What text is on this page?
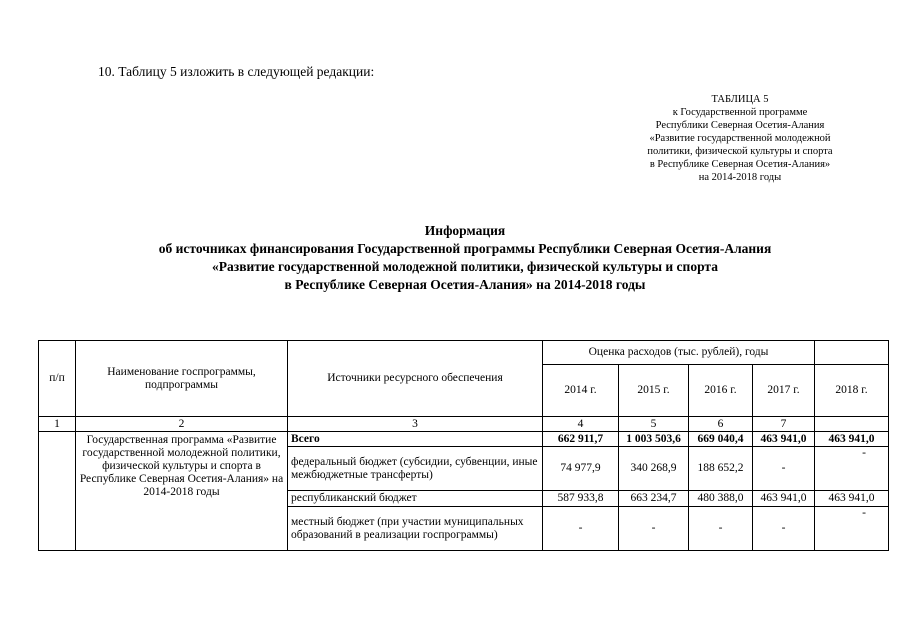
10. Таблицу 5 изложить в следующей редакции:
ТАБЛИЦА 5
к Государственной программе
Республики Северная Осетия-Алания
«Развитие государственной молодежной
политики, физической культуры и спорта
в Республике Северная Осетия-Алания»
на 2014-2018 годы
Информация
об источниках финансирования Государственной программы Республики Северная Осетия-Алания
«Развитие государственной молодежной политики, физической культуры и спорта
в Республике Северная Осетия-Алания» на 2014-2018 годы
п/п	Наименование госпрограммы, подпрограммы	Источники ресурсного обеспечения	Оценка расходов (тыс. рублей), годы				
			2014 г.	2015 г.	2016 г.	2017 г.	2018 г.
1	2	3	4	5	6	7	
	Государственная программа «Развитие государственной молодежной политики, физической культуры и спорта в Республике Северная Осетия-Алания» на 2014-2018 годы	Всего	662 911,7	1 003 503,6	669 040,4	463 941,0	463 941,0
		федеральный бюджет (субсидии, субвенции, иные межбюджетные трансферты)	74 977,9	340 268,9	188 652,2	-	-
		республиканский бюджет	587 933,8	663 234,7	480 388,0	463 941,0	463 941,0
		местный бюджет (при участии муниципальных образований в реализации госпрограммы)	-	-	-	-	-
